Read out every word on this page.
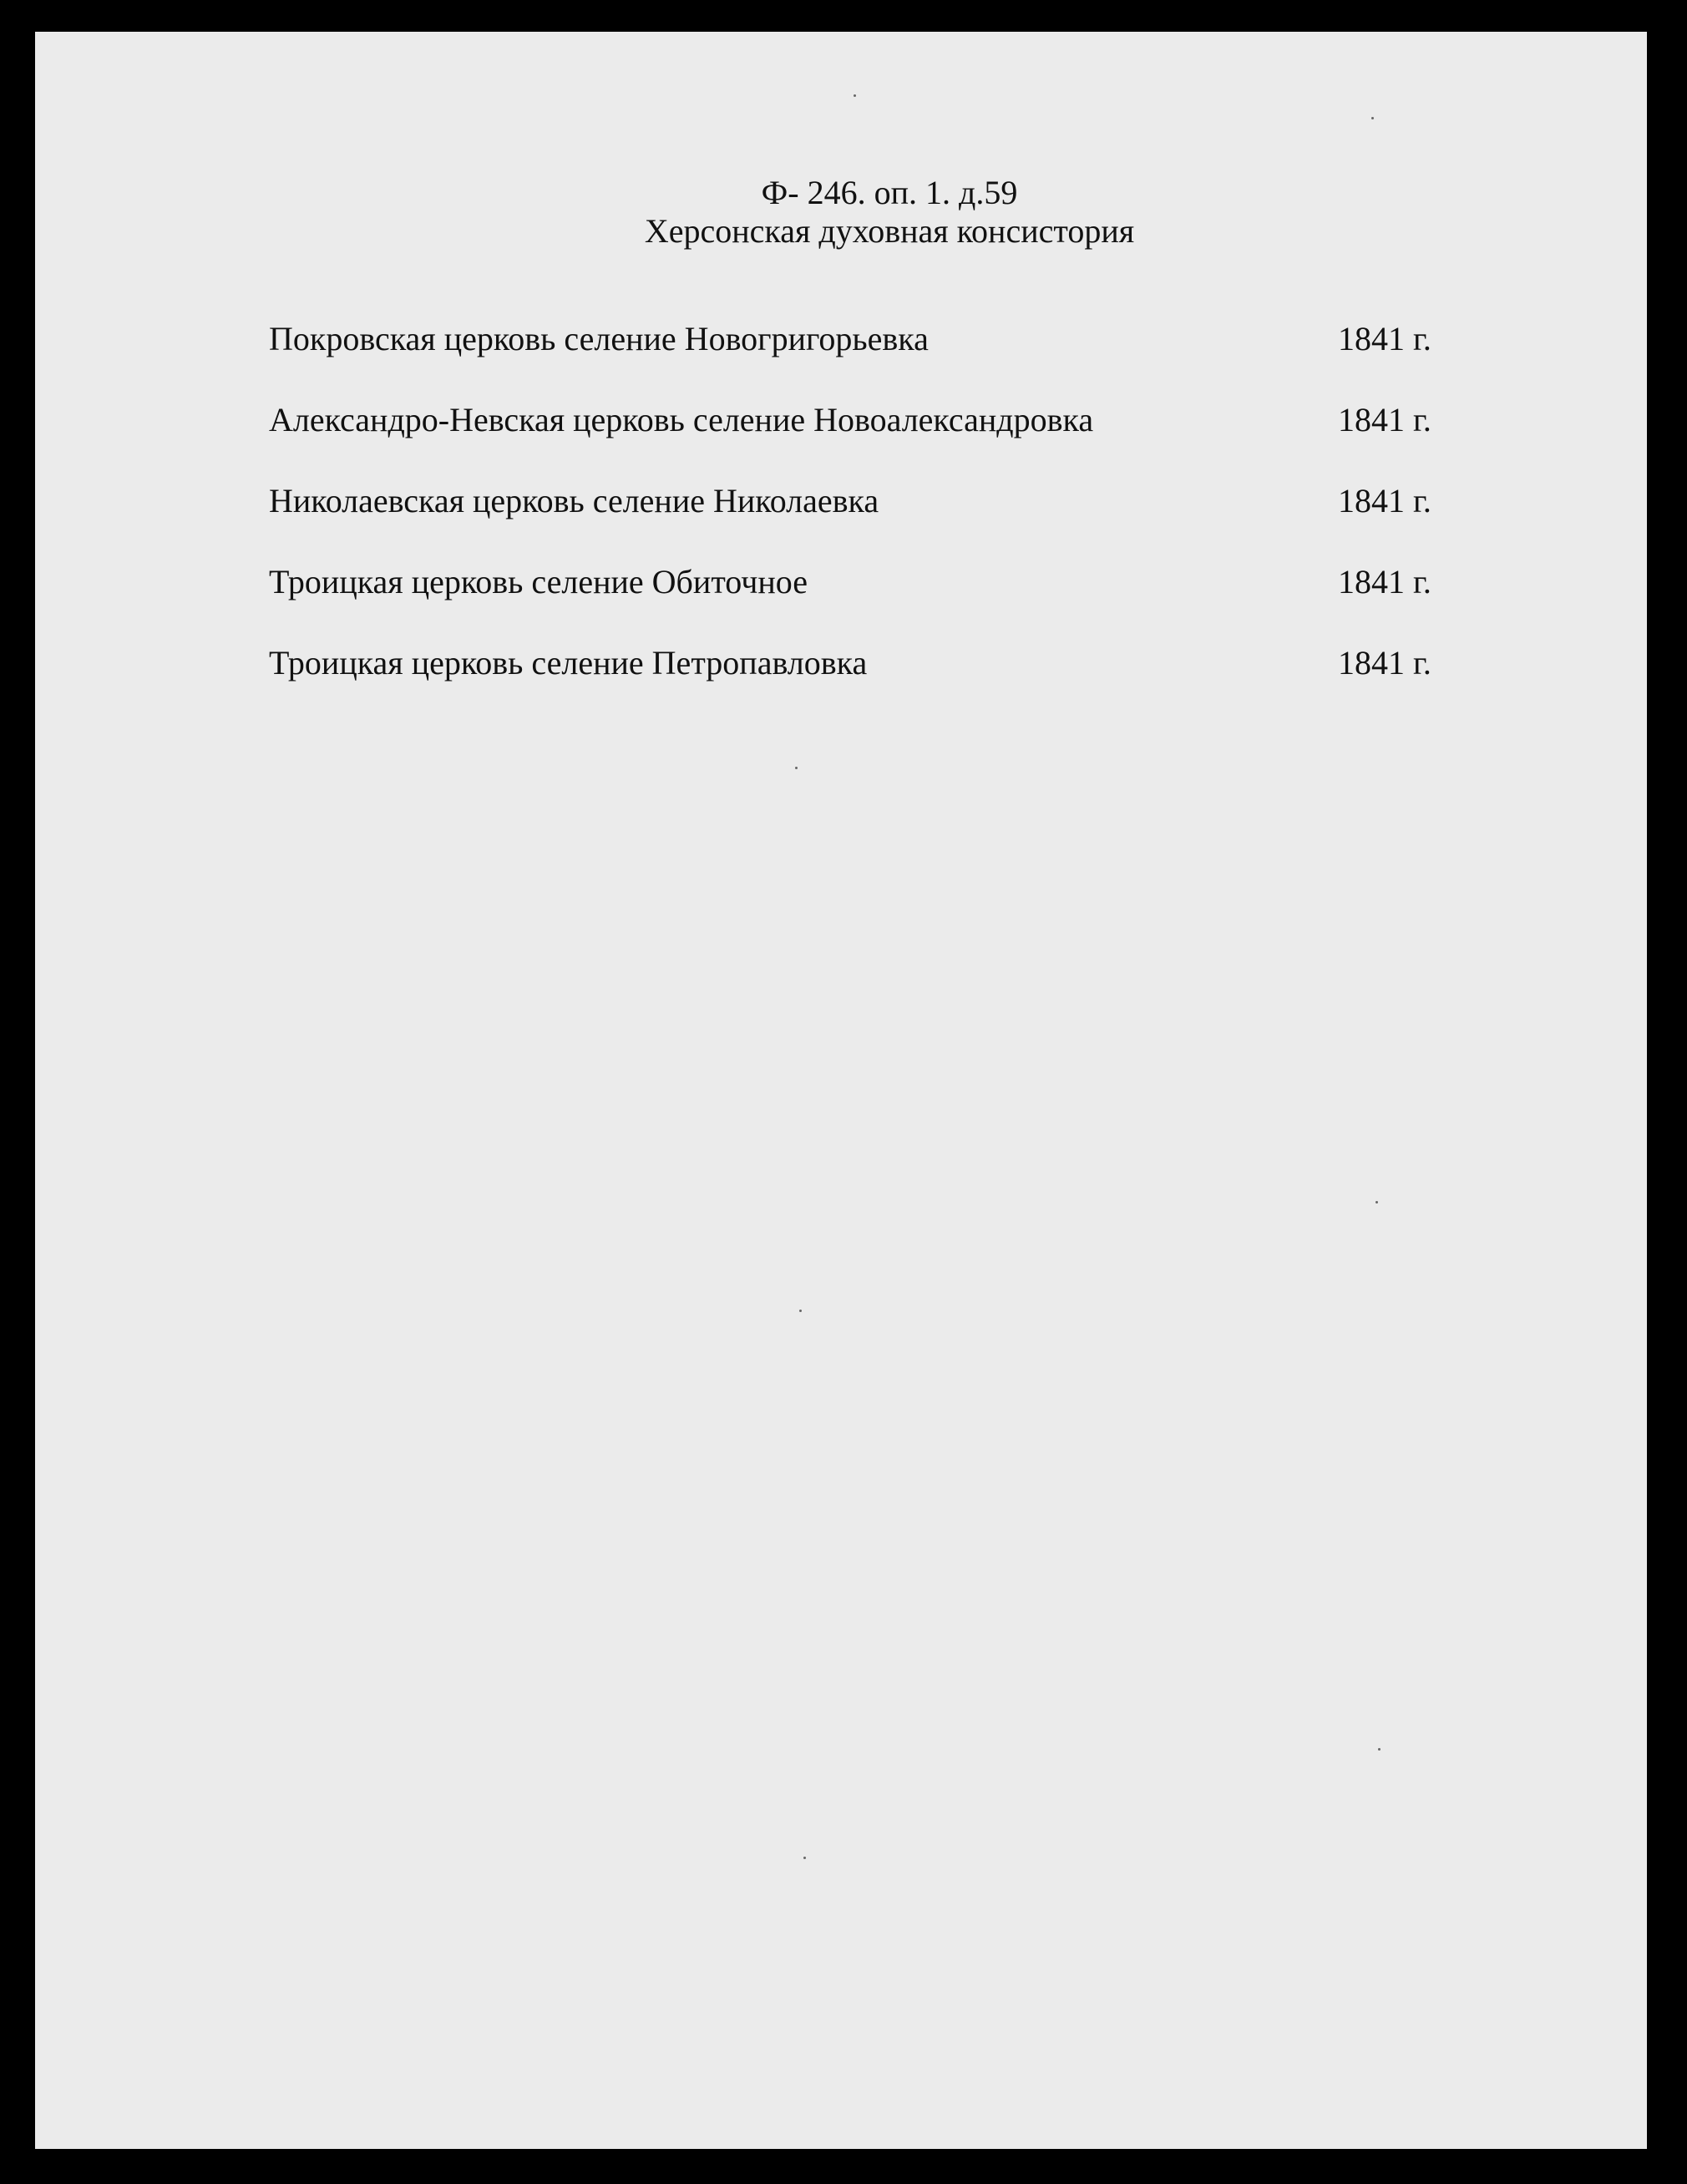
Ф- 246. оп. 1. д.59
Херсонская духовная консистория
Покровская церковь селение Новогригорьевка	1841 г.
Александро-Невская церковь селение Новоалександровка	1841 г.
Николаевская церковь селение Николаевка	1841 г.
Троицкая церковь селение Обиточное	1841 г.
Троицкая церковь селение Петропавловка	1841 г.
